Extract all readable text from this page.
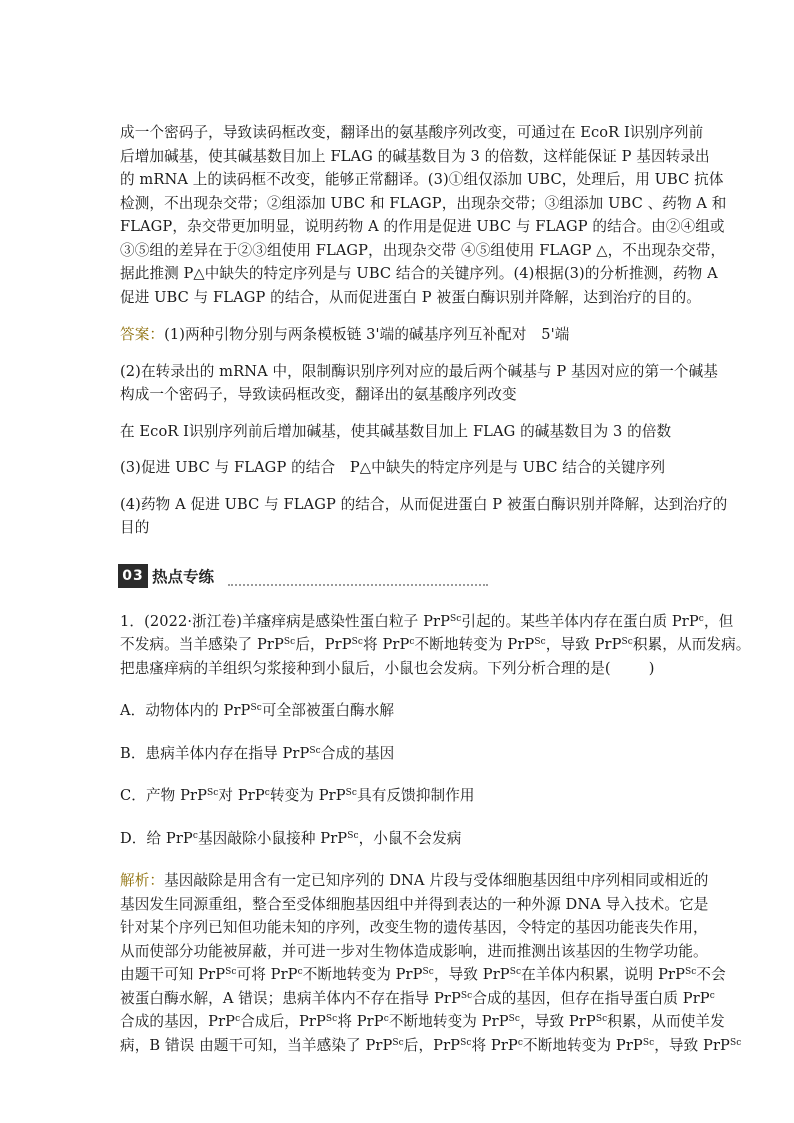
成一个密码子，导致读码框改变，翻译出的氨基酸序列改变，可通过在 EcoR Ⅰ识别序列前
后增加碱基，使其碱基数目加上 FLAG 的碱基数目为 3 的倍数，这样能保证 P 基因转录出
的 mRNA 上的读码框不改变，能够正常翻译。(3)①组仅添加 UBC，处理后，用 UBC 抗体
检测，不出现杂交带；②组添加 UBC 和 FLAGP，出现杂交带；③组添加 UBC 、药物 A 和
FLAGP，杂交带更加明显，说明药物 A 的作用是促进 UBC 与 FLAGP 的结合。由②④组或
③⑤组的差异在于②③组使用 FLAGP，出现杂交带 ④⑤组使用 FLAGP △，不出现杂交带，
据此推测 P△中缺失的特定序列是与 UBC 结合的关键序列。(4)根据(3)的分析推测，药物 A
促进 UBC 与 FLAGP 的结合，从而促进蛋白 P 被蛋白酶识别并降解，达到治疗的目的。
答案：(1)两种引物分别与两条模板链 3'端的碱基序列互补配对　5'端
(2)在转录出的 mRNA 中，限制酶识别序列对应的最后两个碱基与 P 基因对应的第一个碱基
构成一个密码子，导致读码框改变，翻译出的氨基酸序列改变
在 EcoR Ⅰ识别序列前后增加碱基，使其碱基数目加上 FLAG 的碱基数目为 3 的倍数
(3)促进 UBC 与 FLAGP 的结合　P△中缺失的特定序列是与 UBC 结合的关键序列
(4)药物 A 促进 UBC 与 FLAGP 的结合，从而促进蛋白 P 被蛋白酶识别并降解，达到治疗的
目的
03 热点专练
1．(2022·浙江卷)羊瘙痒病是感染性蛋白粒子 PrP$^{Sc}$引起的。某些羊体内存在蛋白质 PrP$^c$，但
不发病。当羊感染了 PrP$^{Sc}$后，PrP$^{Sc}$将 PrP$^c$不断地转变为 PrP$^{Sc}$，导致 PrP$^{Sc}$积累，从而发病。
把患瘙痒病的羊组织匀浆接种到小鼠后，小鼠也会发病。下列分析合理的是(	)
A．动物体内的 PrP$^{Sc}$可全部被蛋白酶水解
B．患病羊体内存在指导 PrP$^{Sc}$合成的基因
C．产物 PrP$^{Sc}$对 PrP$^c$转变为 PrP$^{Sc}$具有反馈抑制作用
D．给 PrP$^c$基因敲除小鼠接种 PrP$^{Sc}$，小鼠不会发病
解析：基因敲除是用含有一定已知序列的 DNA 片段与受体细胞基因组中序列相同或相近的
基因发生同源重组，整合至受体细胞基因组中并得到表达的一种外源 DNA 导入技术。它是
针对某个序列已知但功能未知的序列，改变生物的遗传基因，令特定的基因功能丧失作用，
从而使部分功能被屏蔽，并可进一步对生物体造成影响，进而推测出该基因的生物学功能。
由题干可知 PrP$^{Sc}$可将 PrP$^c$不断地转变为 PrP$^{Sc}$，导致 PrP$^{Sc}$在羊体内积累，说明 PrP$^{Sc}$不会
被蛋白酶水解，A 错误；患病羊体内不存在指导 PrP$^{Sc}$合成的基因，但存在指导蛋白质 PrP$^c$
合成的基因，PrP$^c$合成后，PrP$^{Sc}$将 PrP$^c$不断地转变为 PrP$^{Sc}$，导致 PrP$^{Sc}$积累，从而使羊发
病，B 错误 由题干可知，当羊感染了 PrP$^{Sc}$后，PrP$^{Sc}$将 PrP$^c$不断地转变为 PrP$^{Sc}$，导致 PrP$^{Sc}$
